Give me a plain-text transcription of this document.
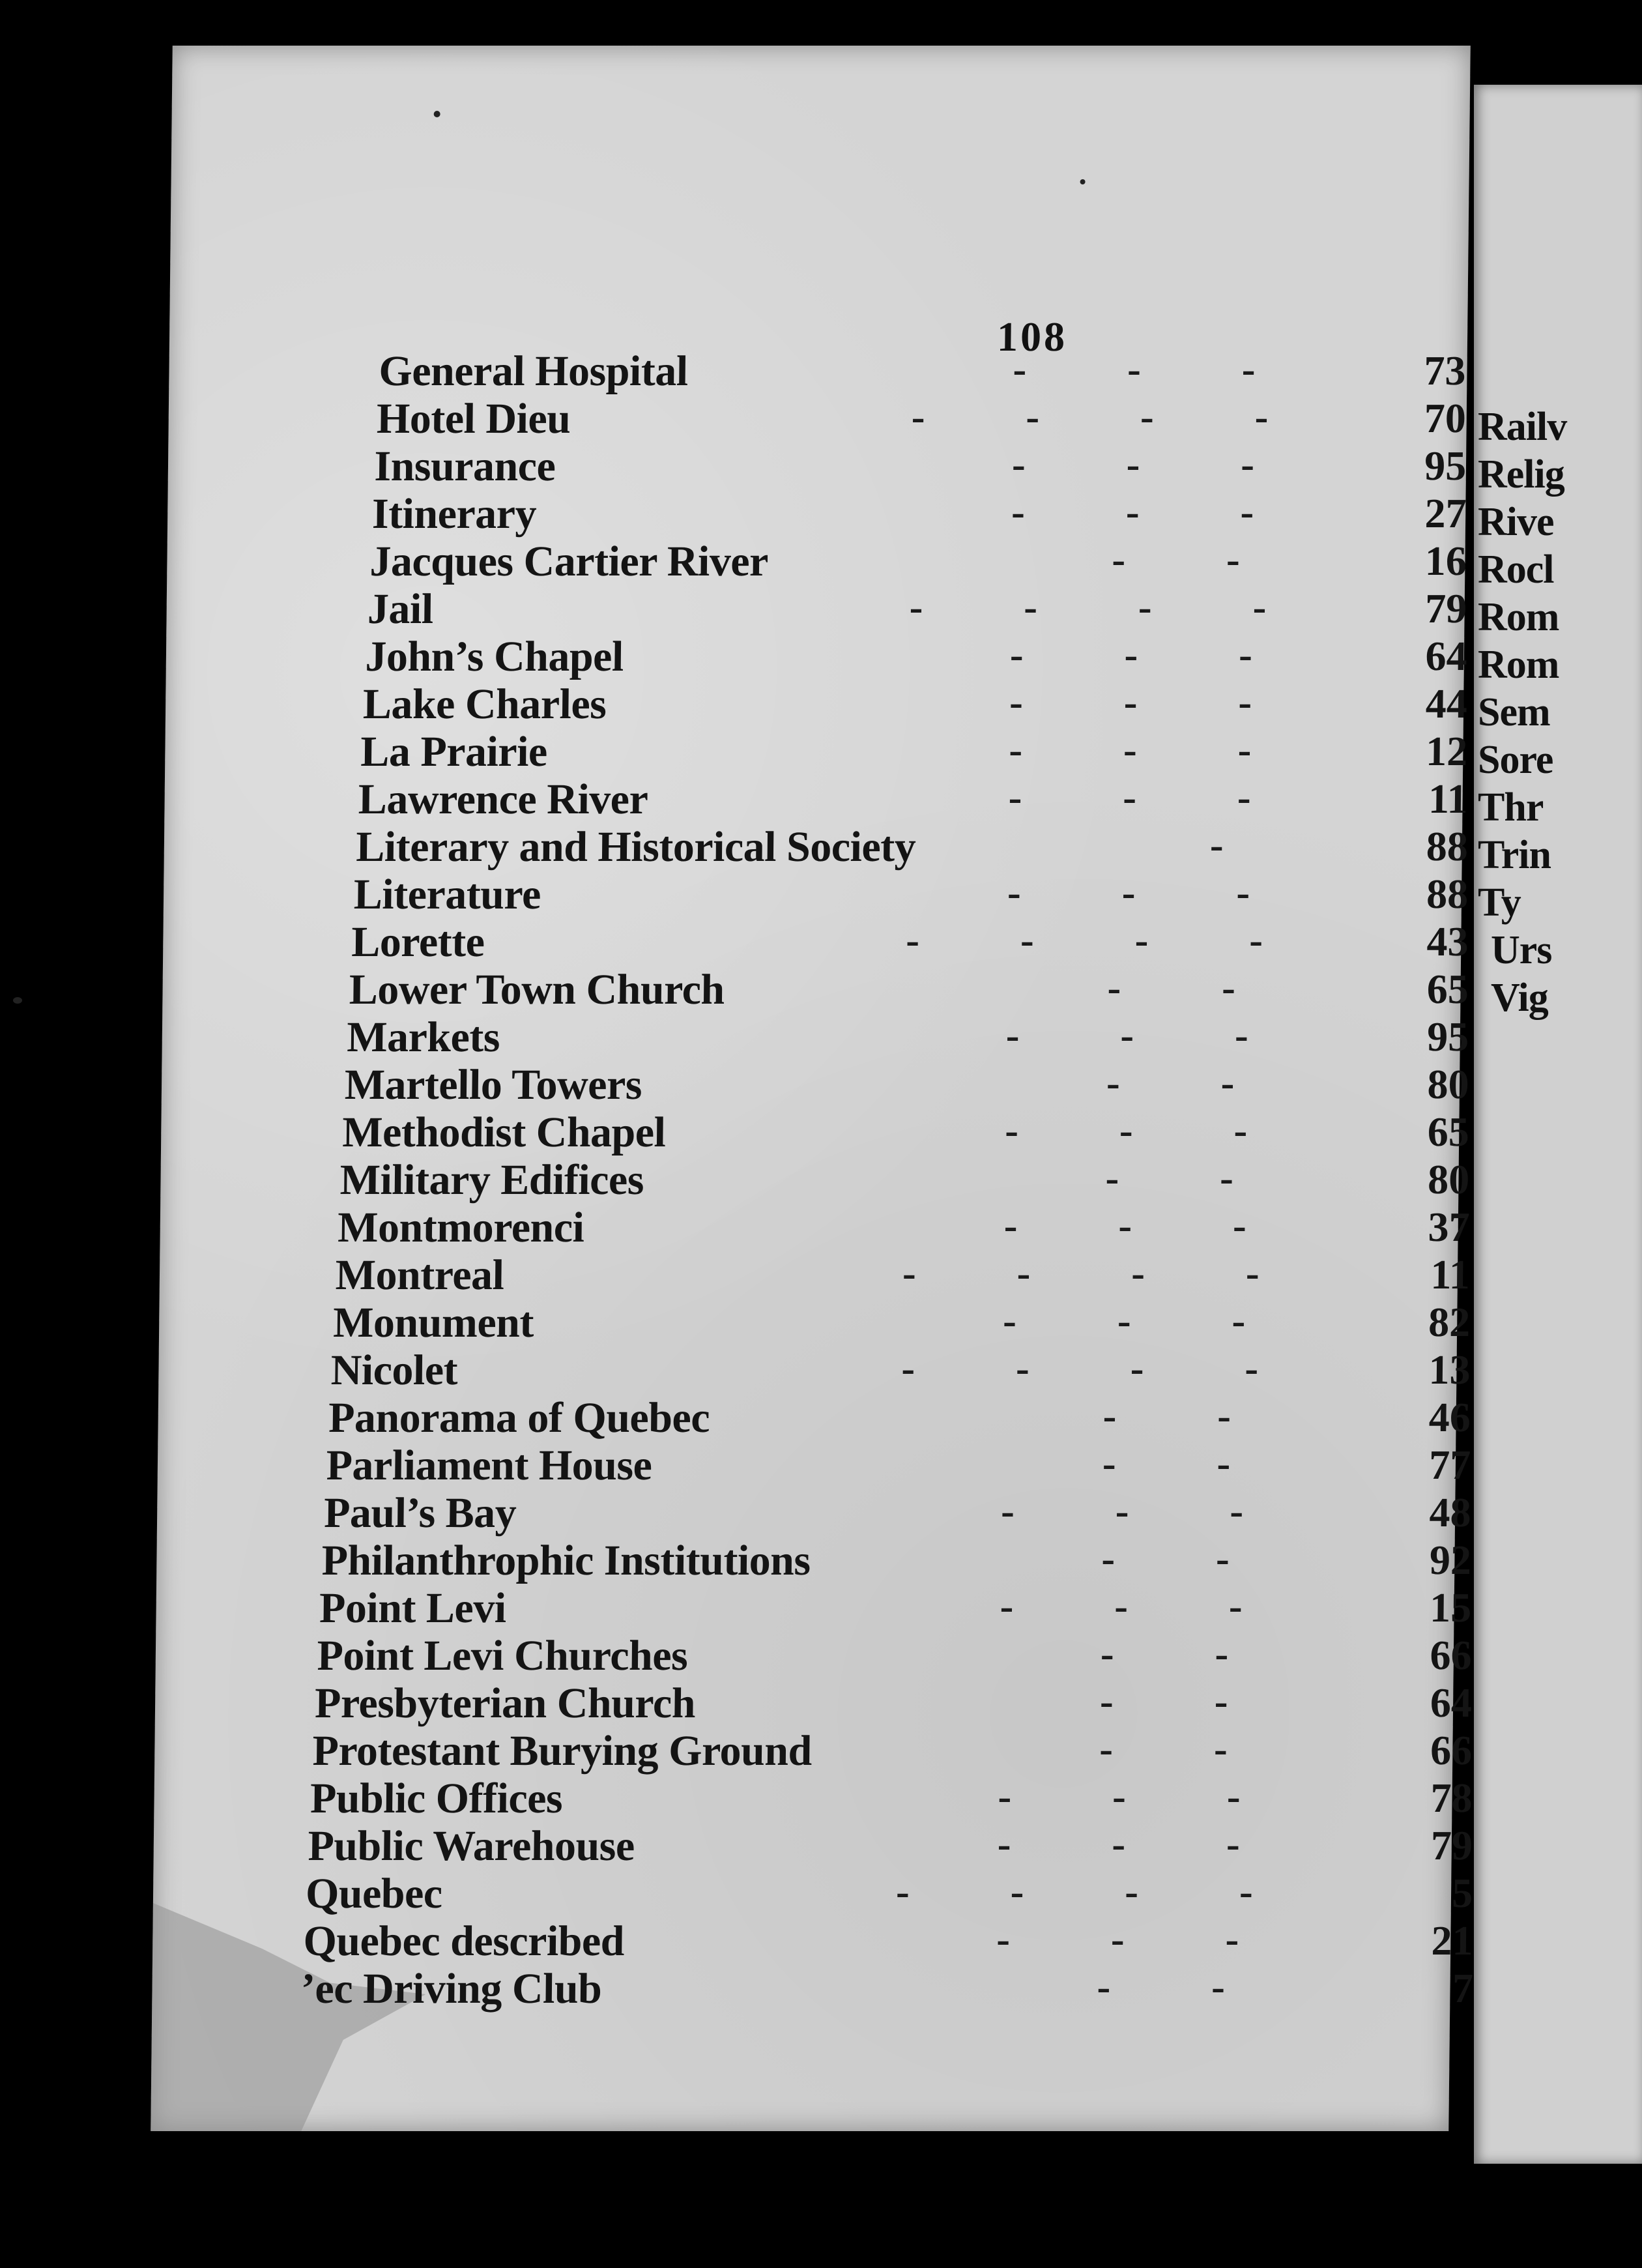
108
General Hospital	-          -          -	73
Hotel Dieu	-          -          -          -	70
Insurance	-          -          -	95
Itinerary	-          -          -	27
Jacques Cartier River	-          -	16
Jail	-          -          -          -	79
John’s Chapel	-          -          -	64
Lake Charles	-          -          -	44
La Prairie	-          -          -	12
Lawrence River	-          -          -	11
Literary and Historical Society	-	88
Literature	-          -          -	88
Lorette	-          -          -          -	43
Lower Town Church	-          -	65
Markets	-          -          -	95
Martello Towers	-          -	80
Methodist Chapel	-          -          -	65
Military Edifices	-          -	80
Montmorenci	-          -          -	37
Montreal	-          -          -          -	11
Monument	-          -          -	82
Nicolet	-          -          -          -	13
Panorama of Quebec	-          -	46
Parliament House	-          -	77
Paul’s Bay	-          -          -	48
Philanthrophic Institutions	-          -	92
Point Levi	-          -          -	15
Point Levi Churches	-          -	66
Presbyterian Church	-          -	64
Protestant Burying Ground	-          -	66
Public Offices	-          -          -	78
Public Warehouse	-          -          -	79
Quebec	-          -          -          -	5
Quebec described	-          -          -	21
’ec Driving Club	-          -	7
Railv
Relig
Rive
Rocl
Rom
Rom
Sem
Sore
Thr
Trin
Ty
Urs
Vig
